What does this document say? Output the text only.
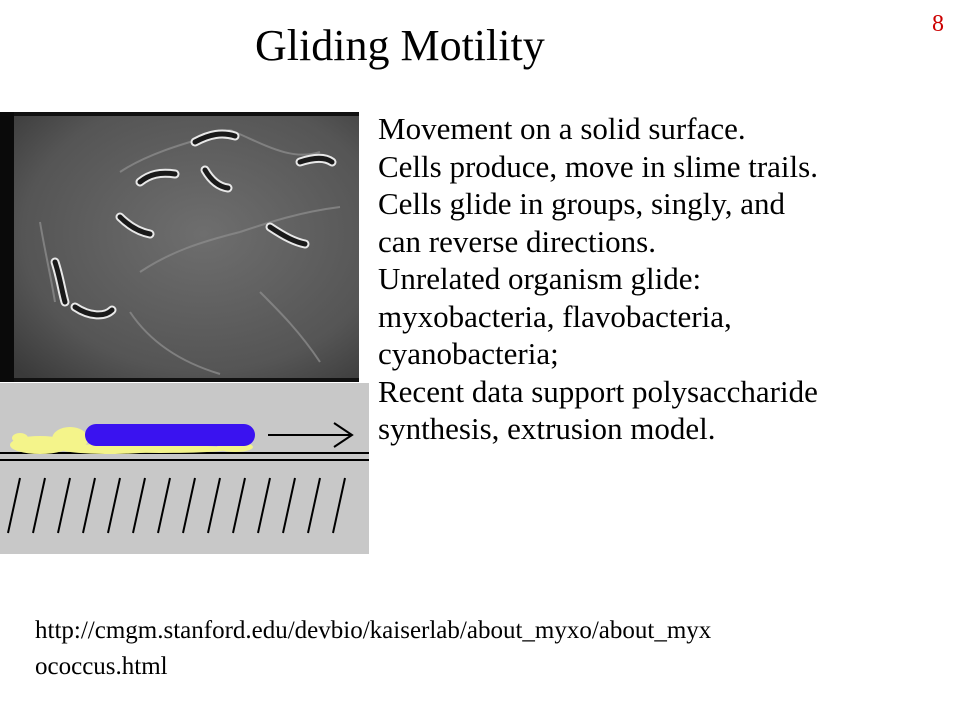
Gliding Motility	8
Movement on a solid surface.
Cells produce, move in slime trails.
Cells glide in groups, singly, and
can reverse directions.
Unrelated organism glide:
myxobacteria, flavobacteria,
cyanobacteria;
Recent data support polysaccharide
synthesis, extrusion model.
http://cmgm.stanford.edu/devbio/kaiserlab/about_myxo/about_myx
ococcus.html
